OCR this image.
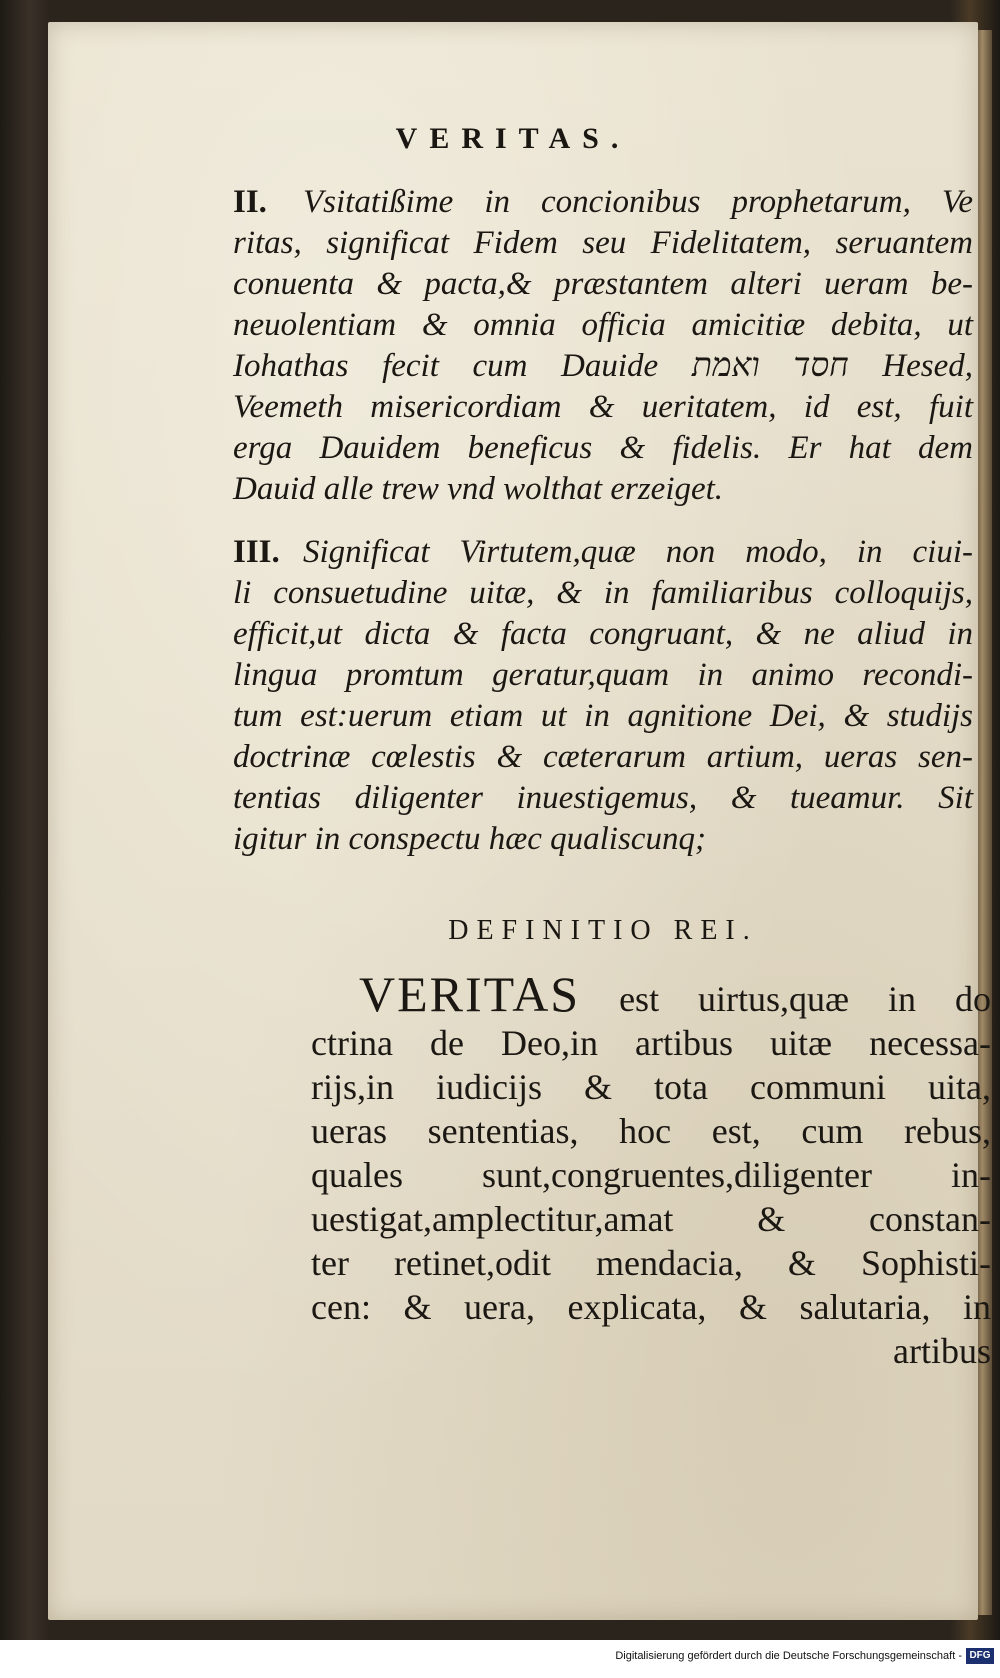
VERITAS.
II. Vsitatißime in concionibus prophetarum, Ve
ritas, significat Fidem seu Fidelitatem, seruantem
conuenta & pacta,& præstantem alteri ueram be-
neuolentiam & omnia officia amicitiæ debita, ut
Iohathas fecit cum Dauide חסד ואמת Hesed,
Veemeth misericordiam & ueritatem, id est, fuit
erga Dauidem beneficus & fidelis. Er hat dem
Dauid alle trew vnd wolthat erzeiget.
III. Significat Virtutem,quæ non modo, in ciui-
li consuetudine uitæ, & in familiaribus colloquijs,
efficit,ut dicta & facta congruant, & ne aliud in
lingua promtum geratur,quam in animo recondi-
tum est:uerum etiam ut in agnitione Dei, & studijs
doctrinæ cœlestis & cæterarum artium, ueras sen-
tentias diligenter inuestigemus, & tueamur. Sit
igitur in conspectu hæc qualiscunq;
DEFINITIO REI.
VERITAS est uirtus,quæ in do
ctrina de Deo,in artibus uitæ necessa-
rijs,in iudicijs & tota communi uita,
ueras sententias, hoc est, cum rebus,
quales sunt,congruentes,diligenter in-
uestigat,amplectitur,amat & constan-
ter retinet,odit mendacia, & Sophisti-
cen: & uera, explicata, & salutaria, in
artibus
Digitalisierung gefördert durch die Deutsche Forschungsgemeinschaft - DFG
